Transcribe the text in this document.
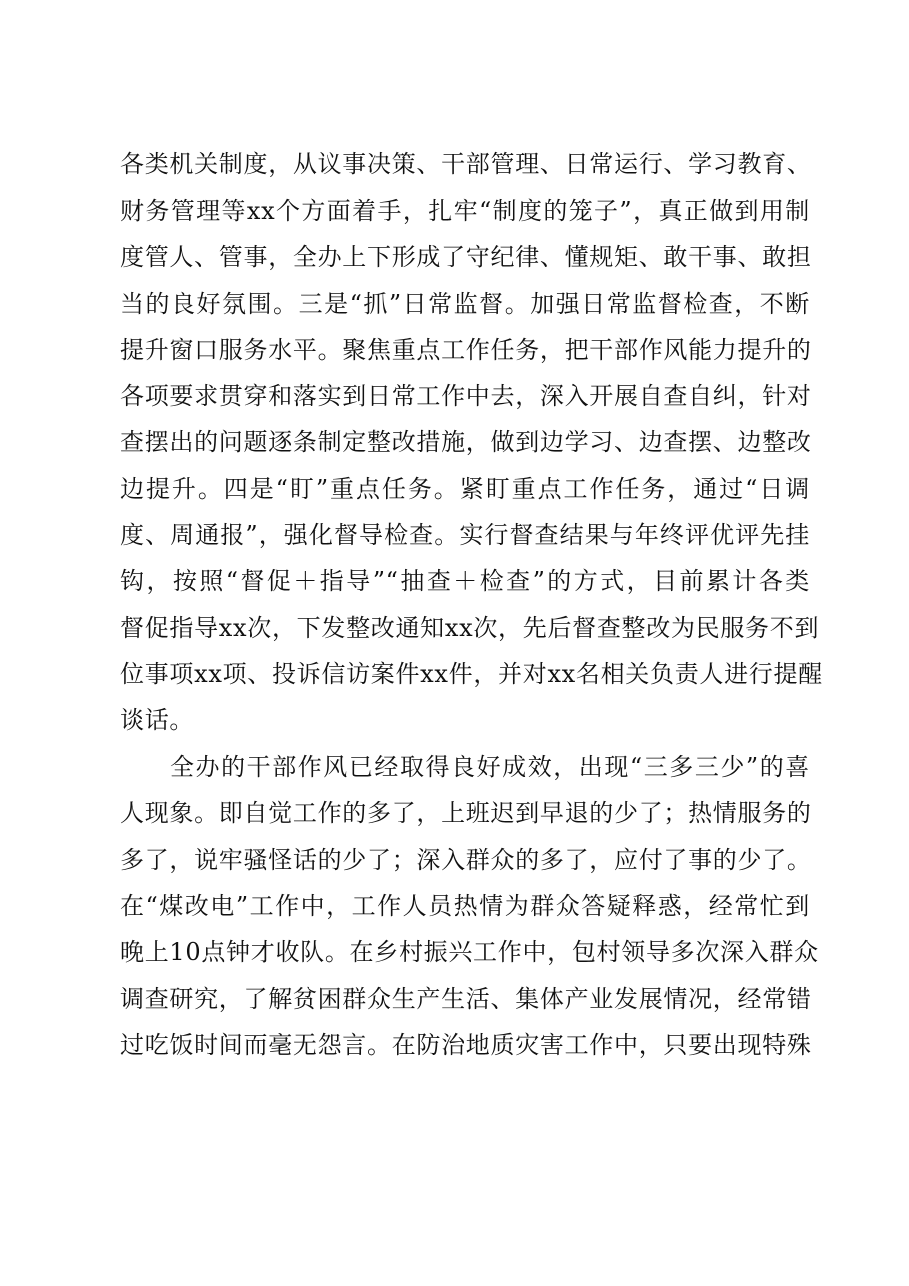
各类机关制度，从议事决策、干部管理、日常运行、学习教育、
财务管理等xx个方面着手，扎牢“制度的笼子”，真正做到用制
度管人、管事，全办上下形成了守纪律、懂规矩、敢干事、敢担
当的良好氛围。三是“抓”日常监督。加强日常监督检查，不断
提升窗口服务水平。聚焦重点工作任务，把干部作风能力提升的
各项要求贯穿和落实到日常工作中去，深入开展自查自纠，针对
查摆出的问题逐条制定整改措施，做到边学习、边查摆、边整改
边提升。四是“盯”重点任务。紧盯重点工作任务，通过“日调
度、周通报”，强化督导检查。实行督查结果与年终评优评先挂
钩，按照“督促＋指导”“抽查＋检查”的方式，目前累计各类
督促指导xx次，下发整改通知xx次，先后督查整改为民服务不到
位事项xx项、投诉信访案件xx件，并对xx名相关负责人进行提醒
谈话。
全办的干部作风已经取得良好成效，出现“三多三少”的喜
人现象。即自觉工作的多了，上班迟到早退的少了；热情服务的
多了，说牢骚怪话的少了；深入群众的多了，应付了事的少了。
在“煤改电”工作中，工作人员热情为群众答疑释惑，经常忙到
晚上10点钟才收队。在乡村振兴工作中，包村领导多次深入群众
调查研究，了解贫困群众生产生活、集体产业发展情况，经常错
过吃饭时间而毫无怨言。在防治地质灾害工作中，只要出现特殊
